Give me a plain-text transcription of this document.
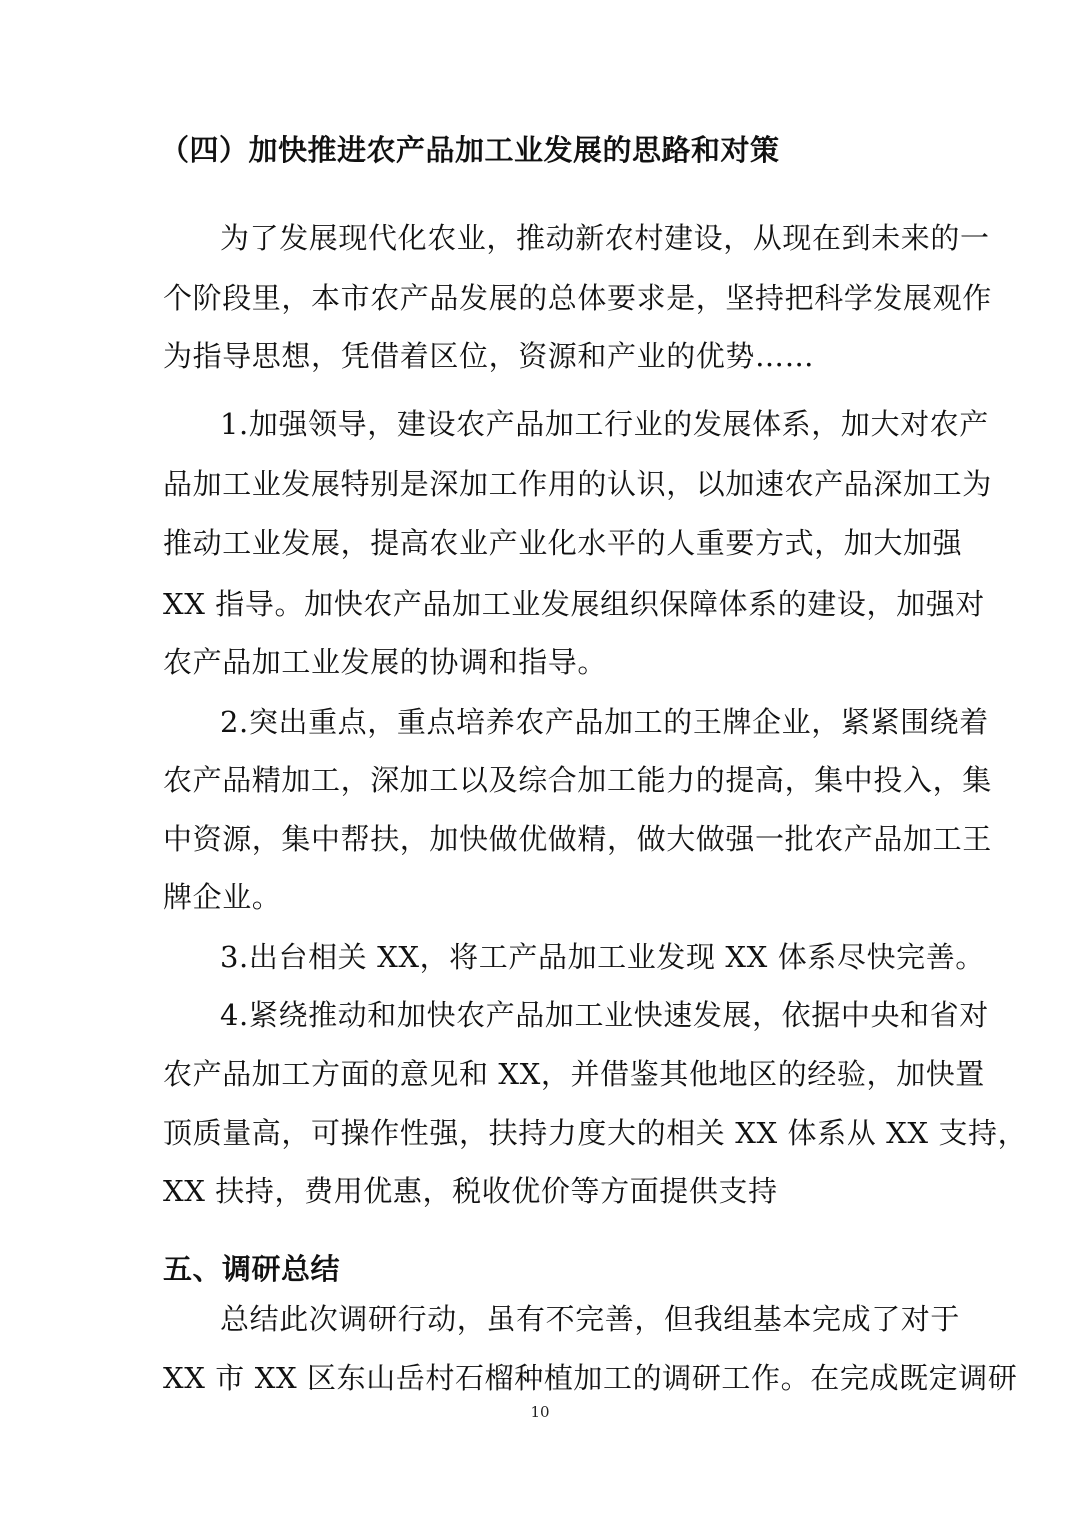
（四）加快推进农产品加工业发展的思路和对策
为了发展现代化农业，推动新农村建设，从现在到未来的一
个阶段里，本市农产品发展的总体要求是，坚持把科学发展观作
为指导思想，凭借着区位，资源和产业的优势……
1.加强领导，建设农产品加工行业的发展体系，加大对农产
品加工业发展特别是深加工作用的认识，以加速农产品深加工为
推动工业发展，提高农业产业化水平的人重要方式，加大加强
XX 指导。加快农产品加工业发展组织保障体系的建设，加强对
农产品加工业发展的协调和指导。
2.突出重点，重点培养农产品加工的王牌企业，紧紧围绕着
农产品精加工，深加工以及综合加工能力的提高，集中投入，集
中资源，集中帮扶，加快做优做精，做大做强一批农产品加工王
牌企业。
3.出台相关 XX，将工产品加工业发现 XX 体系尽快完善。
4.紧绕推动和加快农产品加工业快速发展，依据中央和省对
农产品加工方面的意见和 XX，并借鉴其他地区的经验，加快置
顶质量高，可操作性强，扶持力度大的相关 XX 体系从 XX 支持，
XX 扶持，费用优惠，税收优价等方面提供支持
五、调研总结
总结此次调研行动，虽有不完善，但我组基本完成了对于
XX 市 XX 区东山岳村石榴种植加工的调研工作。在完成既定调研
10
